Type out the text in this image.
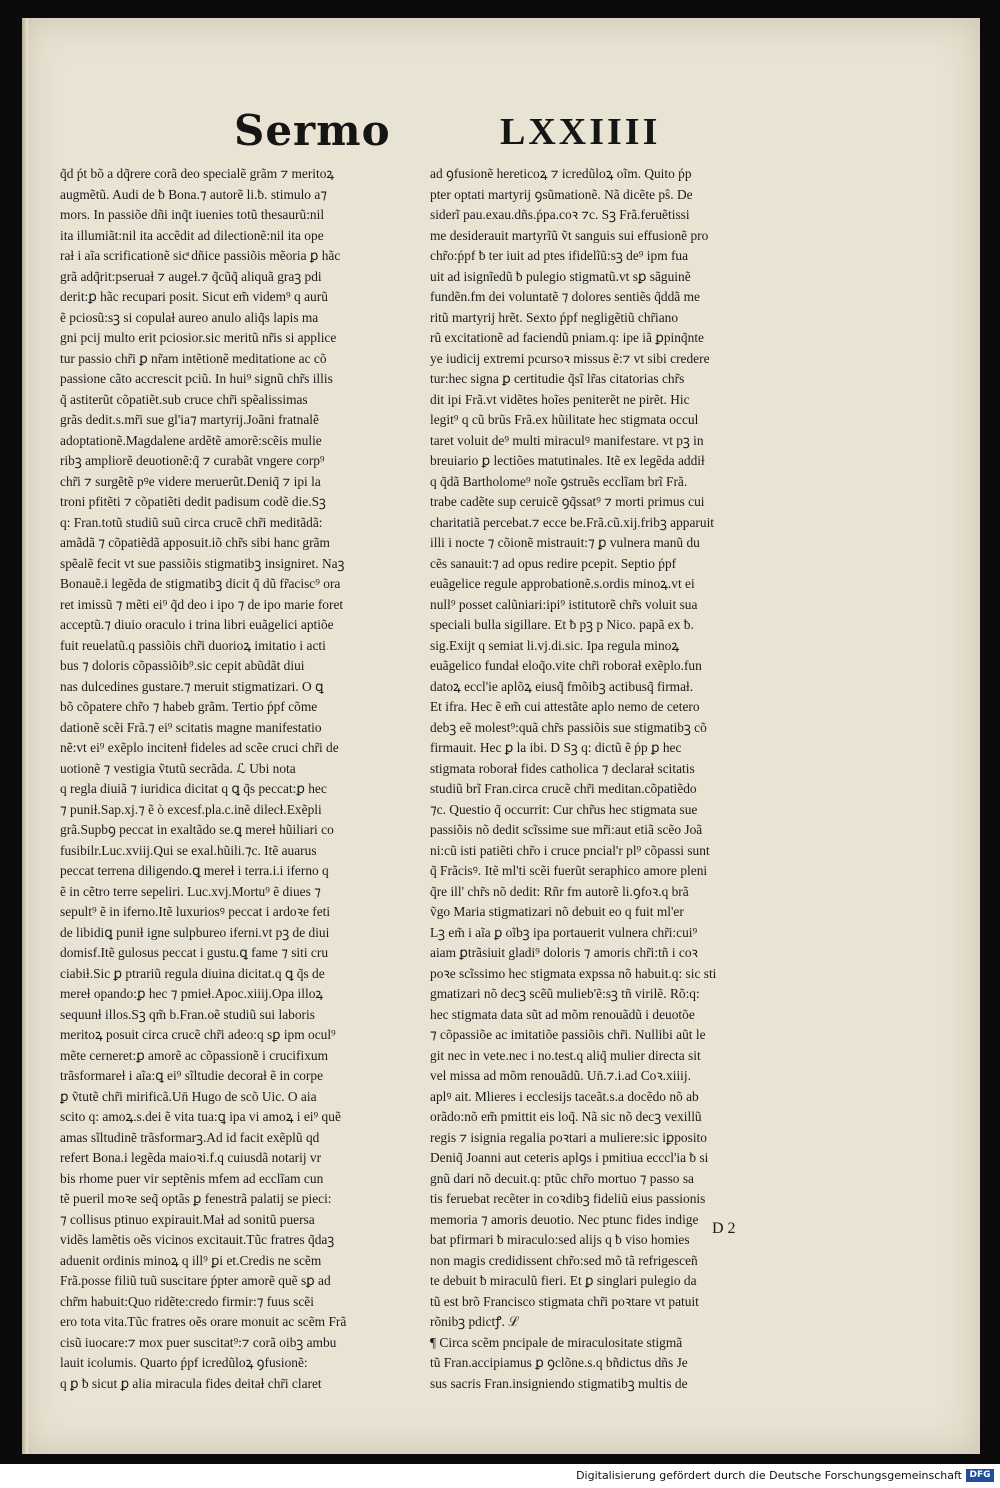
Sermo	LXXIIII
q̃d ṕt bõ a dq̃rere corã deo specialẽ grãm ⁊ meritoꝝ
augmẽtũ. Audi de ƀ Bona.⁊ autorẽ li.ƀ. stimulo a⁊
mors. In passiõe dñi inq̃t iuenies totũ thesaurũ:nil
ita illumiãt:nil ita accẽdit ad dilectionẽ:nil ita ope
raƚ i aĩa scrificationẽ sicͣ dñice passiõis mẽoria ꝑ hãc
grã adq̃rit:pseruaƚ ⁊ augeƚ.⁊ q̃cũq̃ aliquã graꝫ pdi
derit:ꝑ hãc recupari posit. Sicut em̃ videm⁹ q aurũ
ẽ pciosũ:sꝫ si copulaƚ aureo anulo aliq̃s lapis ma
gni pcij multo erit pciosior.sic meritũ nr̃is si applice
tur passio chr̃i ꝑ nr̃am intẽtionẽ meditatione ac cõ
passione cãto accrescit pciũ. In hui⁹ signũ chr̃s illis
q̃ astiterũt cõpatiẽt.sub cruce chr̃i spẽalissimas
grãs dedit.s.mr̃i sue gl'ia⁊ martyrij.Joãni fratnalẽ
adoptationẽ.Magdalene ardẽtẽ amorẽ:scẽis mulie
ribꝫ ampliorẽ deuotionẽ:q̃ ⁊ curabãt vngere corp⁹
chr̃i ⁊ surgẽtẽ pꝰe videre meruerũt.Deniq̃ ⁊ ipi la
troni pfitẽti ⁊ cõpatiẽti dedit padisum codẽ die.Sꝫ
q: Fran.totũ studiũ suũ circa crucẽ chr̃i meditãdã:
amãdã ⁊ cõpatiẽdã apposuit.iõ chr̃s sibi hanc grãm
spẽalẽ fecit vt sue passiõis stigmatibꝫ insigniret. Naꝫ
Bonauẽ.i legẽda de stigmatibꝫ dicit q̃ dũ fr̃acisc⁹ ora
ret imissũ ⁊ mẽti ei⁹ q̃d deo i ipo ⁊ de ipo marie foret
acceptũ.⁊ diuio oraculo i trina libri euãgelici aptiõe
fuit reuelatũ.q passiõis chr̃i duorioꝝ imitatio i acti
bus ⁊ doloris cõpassiõib⁹.sic cepit abũdãt diui
nas dulcedines gustare.⁊ meruit stigmatizari. O ꝗ
bõ cõpatere chr̃o ⁊ habeb grãm. Tertio ṕpf cõme
dationẽ scẽi Frã.⁊ ei⁹ scitatis magne manifestatio
nẽ:vt ei⁹ exẽplo incitenƚ fideles ad scẽe cruci chr̃i de
uotionẽ ⁊ vestigia ṽtutũ secrãda. ℒ Ubi nota
q regla diuiã ⁊ iuridica dicitat q ꝗ q̃s peccat:ꝑ hec
⁊ puniƚ.Sap.xj.⁊ ẽ ò excesf.pla.c.inẽ dilecƚ.Exẽpli
grã.Supbꝯ peccat in exaltãdo se.ꝗ mereƚ hũiliari co
fusibilr.Luc.xviij.Qui se exal.hũili.⁊c. Itẽ auarus
peccat terrena diligendo.ꝗ mereƚ i terra.i.i iferno q
ẽ in cẽtro terre sepeliri. Luc.xvj.Mortu⁹ ẽ diues ⁊
sepult⁹ ẽ in iferno.Itẽ luxuriosꝰ peccat i ardoꝛe feti
de libidiꝗ puniƚ igne sulpbureo iferni.vt pꝫ de diui
domisf.Itẽ gulosus peccat i gustu.ꝗ fame ⁊ siti cru
ciabiƚ.Sic ꝑ ptrariũ regula diuina dicitat.q ꝗ q̃s de
mereƚ opando:ꝑ hec ⁊ pmieƚ.Apoc.xiiij.Opa illoꝝ
sequunƚ illos.Sꝫ qm̃ b.Fran.oẽ studiũ sui laboris
meritoꝝ posuit circa crucẽ chr̃i adeo:q sꝑ ipm ocul⁹
mẽte cerneret:ꝑ amorẽ ac cõpassionẽ i crucifixum
trãsformareƚ i aĩa:ꝗ ei⁹ sĩltudie decoraƚ ẽ in corpe
ꝑ ṽtutẽ chr̃i mirificã.Un̄ Hugo de scõ Uic. O aia
scito q: amoꝝ.s.dei ẽ vita tua:ꝗ ipa vi amoꝝ i ei⁹ quẽ
amas sĩltudinẽ trãsformarꝫ.Ad id facit exẽplũ qd
refert Bona.i legẽda maioꝛi.f.q cuiusdã notarij vr
bis rhome puer vir septẽnis mfem ad ecclĩam cun
tẽ pueril moꝛe seq̃ optãs ꝑ fenestrã palatij se pieci:
⁊ collisus ptinuo expirauit.Maƚ ad sonitũ puersa
vidẽs lamẽtis oẽs vicinos excitauit.Tũc fratres q̃daꝫ
aduenit ordinis minoꝝ q ill⁹ ꝑi et.Credis ne scẽm
Frã.posse filiũ tuũ suscitare ṕpter amorẽ quẽ sꝑ ad
chr̃m habuit:Quo ridẽte:credo firmir:⁊ fuus scẽi
ero tota vita.Tũc fratres oẽs orare monuit ac scẽm Frã
cisũ iuocare:⁊ mox puer suscitat⁹:⁊ corã oibꝫ ambu
lauit icolumis. Quarto ṕpf icredũloꝝ ꝯfusionẽ:
q ꝑ ƀ sicut ꝑ alia miracula fides deitaƚ chr̃i claret
ad ꝯfusionẽ hereticoꝝ ⁊ icredũloꝝ oĩm. Quito ṕp
pter optati martyrij ꝯsũmationẽ. Nã dicẽte pŝ. De
siderĩ pau.exau.dñs.ṕpa.coꝛ ⁊c. Sꝫ Frã.feruẽtissi
me desiderauit martyrĩũ ṽt sanguis sui effusionẽ pro
chr̃o:ṕpf ƀ ter iuit ad ptes ifidelĩũ:sꝫ de⁹ ipm fua
uit ad isignĩedũ ƀ pulegio stigmatũ.vt sꝑ sãguinẽ
fundẽn.fm dei voluntatẽ ⁊ dolores sentiẽs q̃ddã me
ritũ martyrij hrẽt. Sexto ṕpf negligẽtiũ chr̃iano
rũ excitationẽ ad faciendũ pniam.q: ipe iã ꝑpinq̃nte
ye iudicij extremi pcursoꝛ missus ẽ:⁊ vt sibi credere
tur:hec signa ꝑ certitudie q̃sĩ lr̃as citatorias chr̃s
dit ipi Frã.vt vidẽtes hoĩes peniterẽt ne pirẽt. Hic
legit⁹ q cũ brũs Frã.ex hũilitate hec stigmata occul
taret voluit de⁹ multi miraculꝰ manifestare. vt pꝫ in
breuiario ꝑ lectiões matutinales. Itẽ ex legẽda addiƚ
q q̃dã Bartholome⁹ noĩe ꝯstruẽs ecclĩam brĩ Frã.
trabe cadẽte sup ceruicẽ ꝯq̃ssat⁹ ⁊ morti primus cui
charitatiã percebat.⁊ ecce be.Frã.cũ.xij.fribꝫ apparuit
illi i nocte ⁊ cõionẽ mistrauit:⁊ ꝑ vulnera manũ du
cẽs sanauit:⁊ ad opus redire pcepit. Septio ṕpf
euãgelice regule approbationẽ.s.ordis minoꝝ.vt ei
null⁹ posset calũniari:ipi⁹ istitutorẽ chr̃s voluit sua
speciali bulla sigillare. Et ƀ pꝫ p Nico. papã ex ƀ.
sig.Exijt q semiat li.vj.di.sic. Ipa regula minoꝝ
euãgelico fundaƚ eloq̃o.vite chr̃i roboraƚ exẽplo.fun
datoꝝ eccl'ie aplõꝝ eiusq̃ fmõibꝫ actibusq̃ firmaƚ.
Et ifra. Hec ẽ em̃ cui attestãte aplo nemo de cetero
debꝫ eẽ molest⁹:quã chr̃s passiõis sue stigmatibꝫ cõ
firmauit. Hec ꝑ la ibi. D Sꝫ q: dictũ ẽ ṕp ꝑ hec
stigmata roboraƚ fides catholica ⁊ declaraƚ scitatis
studiũ brĩ Fran.circa crucẽ chr̃i meditan.cõpatiẽdo
⁊c. Questio q̃ occurrit: Cur chr̃us hec stigmata sue
passiõis nõ dedit scĩssime sue mr̃i:aut etiã scẽo Joã
ni:cũ isti patiẽti chr̃o i cruce pncial'r pl⁹ cõpassi sunt
q̃ Frãcisꝰ. Itẽ ml'ti scẽi fuerũt seraphico amore pleni
q̃re ill' chr̃s nõ dedit: Rñr fm autorẽ li.ꝯfoꝛ.q brã
ṽgo Maria stigmatizari nõ debuit eo q fuit ml'er
Lꝫ em̃ i aĩa ꝑ oĩbꝫ ipa portauerit vulnera chr̃i:cui⁹
aiam ꝑtrãsiuit gladi⁹ doloris ⁊ amoris chr̃i:tñ i coꝛ
poꝛe scĩssimo hec stigmata expssa nõ habuit.q: sic sti
gmatizari nõ decꝫ scẽũ mulieb'ẽ:sꝫ tñ virilẽ. Rõ:q:
hec stigmata data sũt ad mõm renouãdũ i deuotõe
⁊ cõpassiõe ac imitatiõe passiõis chr̃i. Nullibi aũt le
git nec in vete.nec i no.test.q aliq̃ mulier directa sit
vel missa ad mõm renouãdũ. Un̄.⁊.i.ad Coꝛ.xiiij.
aplꝰ ait. Mlieres i ecclesijs taceãt.s.a docẽdo nõ ab
orãdo:nõ em̃ pmittit eis loq̃. Nã sic nõ decꝫ vexillũ
regis ⁊ isignia regalia poꝛtari a muliere:sic iꝑposito
Deniq̃ Joanni aut ceteris aplꝯs i pmitiua ecccl'ia ƀ si
gnũ dari nõ decuit.q: ptũc chr̃o mortuo ⁊ passo sa
tis feruebat recẽter in coꝛdibꝫ fideliũ eius passionis
memoria ⁊ amoris deuotio. Nec ptunc fides indige
bat pfirmari ƀ miraculo:sed alijs q ƀ viso homies
non magis credidissent chr̃o:sed mõ tã refrigesceñ
te debuit ƀ miraculũ fieri. Et ꝑ singlari pulegio da
tũ est brõ Francisco stigmata chr̃i poꝛtare vt patuit
rõnibꝫ pdictꝭ. ℒ
¶ Circa scẽm pncipale de miraculositate stigmã
tũ Fran.accipiamus ꝑ ꝯclõne.s.q bñdictus dñs Je
sus sacris Fran.insigniendo stigmatibꝫ multis de
D 2
Digitalisierung gefördert durch die Deutsche Forschungsgemeinschaft DFG
